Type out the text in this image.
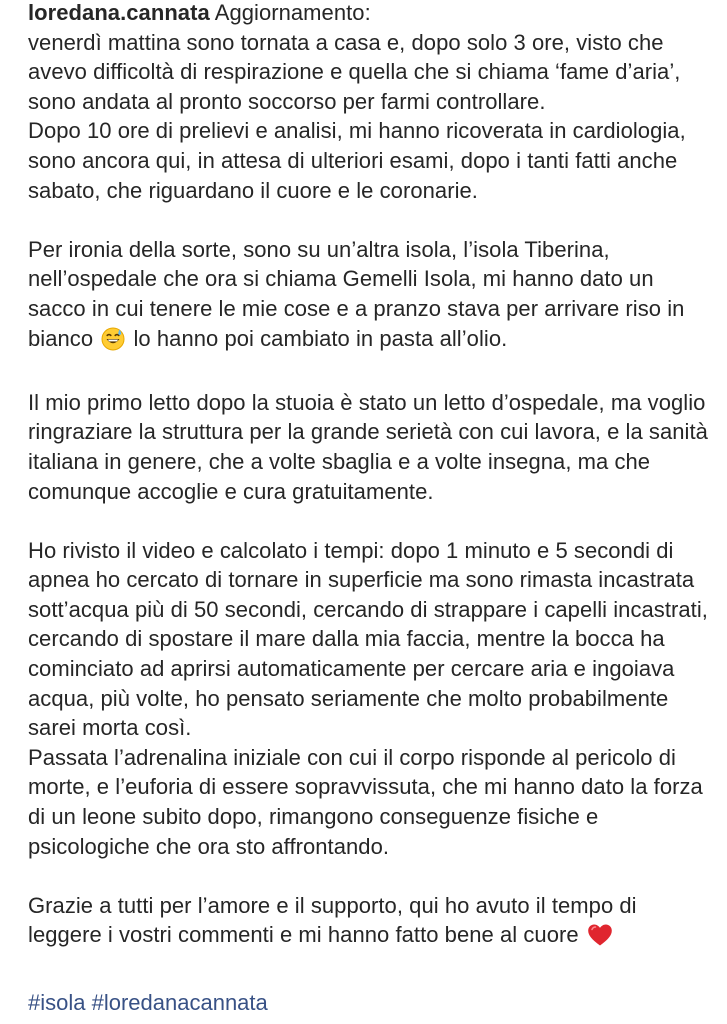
loredana.cannata Aggiornamento:

venerdì mattina sono tornata a casa e, dopo solo 3 ore, visto che avevo difficoltà di respirazione e quella che si chiama ‘fame d’aria’, sono andata al pronto soccorso per farmi controllare.

Dopo 10 ore di prelievi e analisi, mi hanno ricoverata in cardiologia, sono ancora qui, in attesa di ulteriori esami, dopo i tanti fatti anche sabato, che riguardano il cuore e le coronarie.

Per ironia della sorte, sono su un’altra isola, l’isola Tiberina, nell’ospedale che ora si chiama Gemelli Isola, mi hanno dato un sacco in cui tenere le mie cose e a pranzo stava per arrivare riso in bianco lo hanno poi cambiato in pasta all’olio.

Il mio primo letto dopo la stuoia è stato un letto d’ospedale, ma voglio ringraziare la struttura per la grande serietà con cui lavora, e la sanità italiana in genere, che a volte sbaglia e a volte insegna, ma che comunque accoglie e cura gratuitamente.

Ho rivisto il video e calcolato i tempi: dopo 1 minuto e 5 secondi di apnea ho cercato di tornare in superficie ma sono rimasta incastrata sott’acqua più di 50 secondi, cercando di strappare i capelli incastrati, cercando di spostare il mare dalla mia faccia, mentre la bocca ha cominciato ad aprirsi automaticamente per cercare aria e ingoiava acqua, più volte, ho pensato seriamente che molto probabilmente sarei morta così.

Passata l’adrenalina iniziale con cui il corpo risponde al pericolo di morte, e l’euforia di essere sopravvissuta, che mi hanno dato la forza di un leone subito dopo, rimangono conseguenze fisiche e psicologiche che ora sto affrontando.

Grazie a tutti per l’amore e il supporto, qui ho avuto il tempo di leggere i vostri commenti e mi hanno fatto bene al cuore

#isola #loredanacannata
